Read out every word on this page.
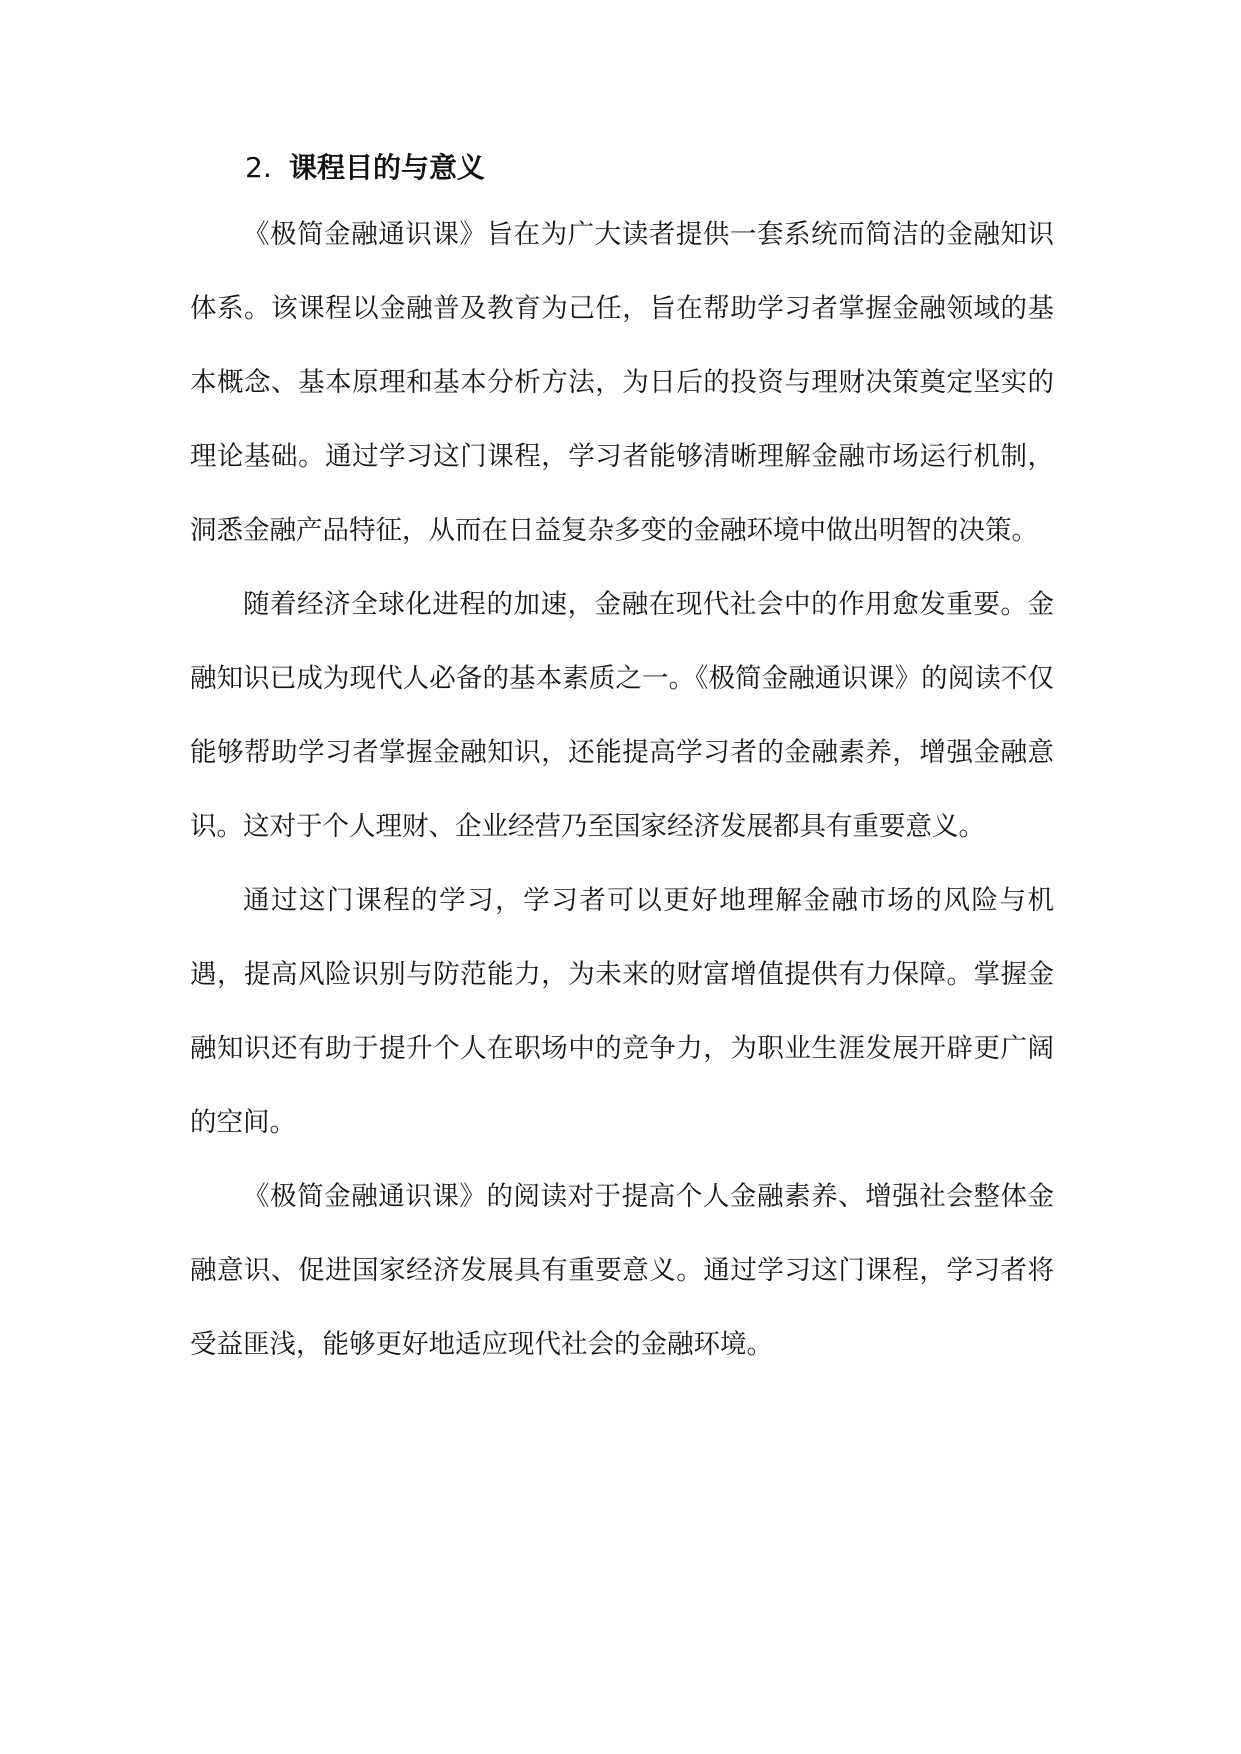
2. 课程目的与意义

《极简金融通识课》旨在为广大读者提供一套系统而简洁的金融知识体系。该课程以金融普及教育为己任，旨在帮助学习者掌握金融领域的基本概念、基本原理和基本分析方法，为日后的投资与理财决策奠定坚实的理论基础。通过学习这门课程，学习者能够清晰理解金融市场运行机制，洞悉金融产品特征，从而在日益复杂多变的金融环境中做出明智的决策。

随着经济全球化进程的加速，金融在现代社会中的作用愈发重要。金融知识已成为现代人必备的基本素质之一。《极简金融通识课》的阅读不仅能够帮助学习者掌握金融知识，还能提高学习者的金融素养，增强金融意识。这对于个人理财、企业经营乃至国家经济发展都具有重要意义。

通过这门课程的学习，学习者可以更好地理解金融市场的风险与机遇，提高风险识别与防范能力，为未来的财富增值提供有力保障。掌握金融知识还有助于提升个人在职场中的竞争力，为职业生涯发展开辟更广阔的空间。

《极简金融通识课》的阅读对于提高个人金融素养、增强社会整体金融意识、促进国家经济发展具有重要意义。通过学习这门课程，学习者将受益匪浅，能够更好地适应现代社会的金融环境。
